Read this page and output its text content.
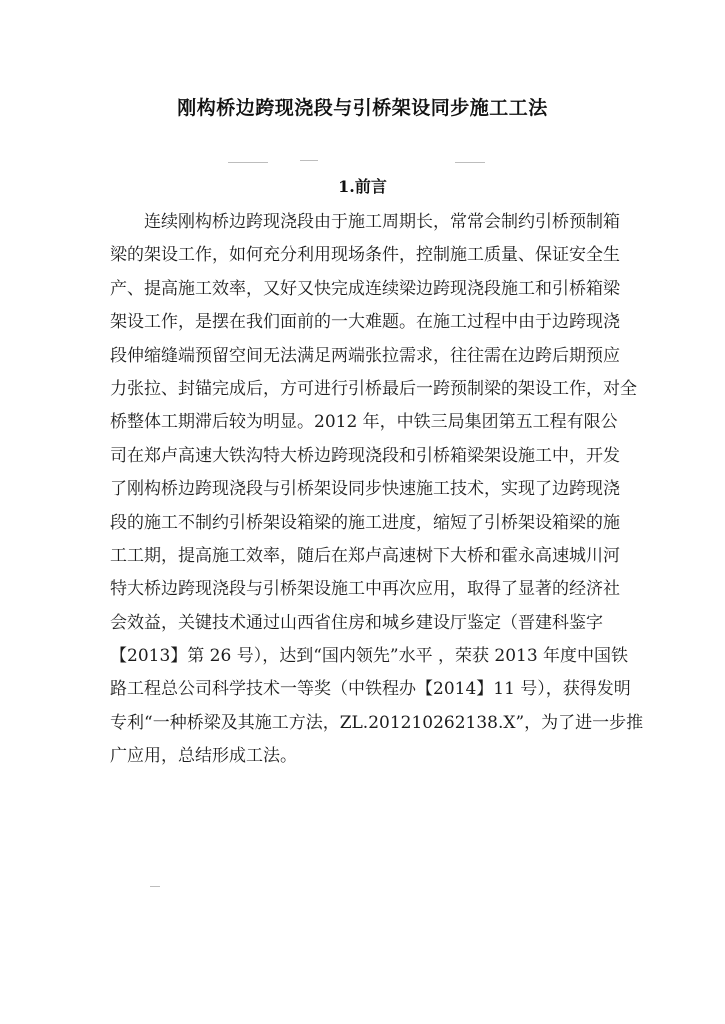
刚构桥边跨现浇段与引桥架设同步施工工法
1.前言
连续刚构桥边跨现浇段由于施工周期长，常常会制约引桥预制箱
梁的架设工作，如何充分利用现场条件，控制施工质量、保证安全生
产、提高施工效率，又好又快完成连续梁边跨现浇段施工和引桥箱梁
架设工作，是摆在我们面前的一大难题。在施工过程中由于边跨现浇
段伸缩缝端预留空间无法满足两端张拉需求，往往需在边跨后期预应
力张拉、封锚完成后，方可进行引桥最后一跨预制梁的架设工作，对全
桥整体工期滞后较为明显。2012 年，中铁三局集团第五工程有限公
司在郑卢高速大铁沟特大桥边跨现浇段和引桥箱梁架设施工中，开发
了刚构桥边跨现浇段与引桥架设同步快速施工技术，实现了边跨现浇
段的施工不制约引桥架设箱梁的施工进度，缩短了引桥架设箱梁的施
工工期，提高施工效率，随后在郑卢高速树下大桥和霍永高速城川河
特大桥边跨现浇段与引桥架设施工中再次应用，取得了显著的经济社
会效益，关键技术通过山西省住房和城乡建设厅鉴定（晋建科鉴字
【2013】第 26 号），达到“国内领先”水平 ，荣获 2013 年度中国铁
路工程总公司科学技术一等奖（中铁程办【2014】11 号），获得发明
专利“一种桥梁及其施工方法，ZL.201210262138.X”，为了进一步推
广应用，总结形成工法。
